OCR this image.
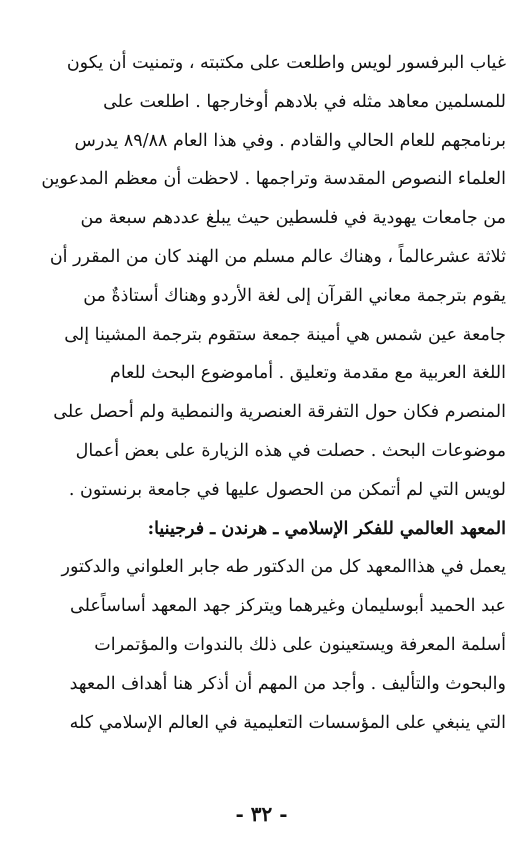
غياب البرفسور لويس واطلعت على مكتبته ، وتمنيت أن يكون
للمسلمين معاهد مثله في بلادهم أوخارجها . اطلعت على
برنامجهم للعام الحالي والقادم . وفي هذا العام ٨٩/٨٨ يدرس
العلماء النصوص المقدسة وتراجمها . لاحظت أن معظم المدعوين
من جامعات يهودية في فلسطين حيث يبلغ عددهم سبعة من
ثلاثة عشرعالماً ، وهناك عالم مسلم من الهند كان من المقرر أن
يقوم بترجمة معاني القرآن إلى لغة الأردو وهناك أستاذةٌ من
جامعة عين شمس هي أمينة جمعة ستقوم بترجمة المشينا إلى
اللغة العربية مع مقدمة وتعليق . أماموضوع البحث للعام
المنصرم فكان حول التفرقة العنصرية والنمطية ولم أحصل على
موضوعات البحث . حصلت في هذه الزيارة على بعض أعمال
لويس التي لم أتمكن من الحصول عليها في جامعة برنستون .
المعهد العالمي للفكر الإسلامي ـ هرندن ـ فرجينيا:
يعمل في هذاالمعهد كل من الدكتور طه جابر العلواني والدكتور
عبد الحميد أبوسليمان وغيرهما ويتركز جهد المعهد أساساًعلى
أسلمة المعرفة ويستعينون على ذلك بالندوات والمؤتمرات
والبحوث والتأليف . وأجد من المهم أن أذكر هنا أهداف المعهد
التي ينبغي على المؤسسات التعليمية في العالم الإسلامي كله
- ٣٢ -
